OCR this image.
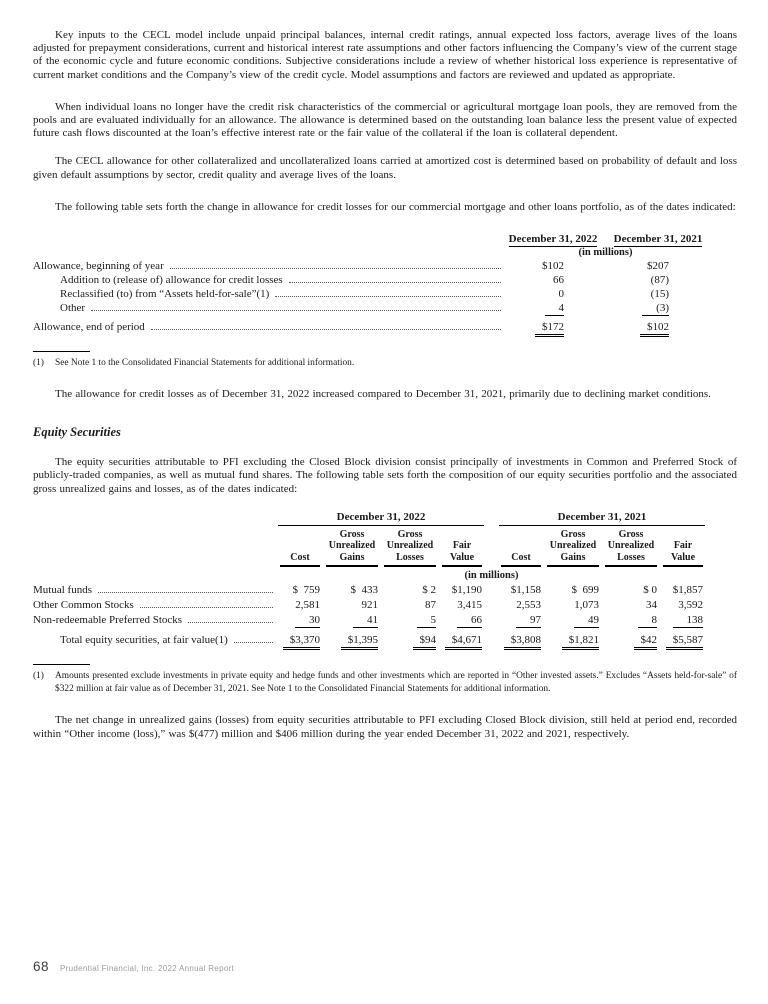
Key inputs to the CECL model include unpaid principal balances, internal credit ratings, annual expected loss factors, average lives of the loans adjusted for prepayment considerations, current and historical interest rate assumptions and other factors influencing the Company’s view of the current stage of the economic cycle and future economic conditions. Subjective considerations include a review of whether historical loss experience is representative of current market conditions and the Company’s view of the credit cycle. Model assumptions and factors are reviewed and updated as appropriate.

When individual loans no longer have the credit risk characteristics of the commercial or agricultural mortgage loan pools, they are removed from the pools and are evaluated individually for an allowance. The allowance is determined based on the outstanding loan balance less the present value of expected future cash flows discounted at the loan’s effective interest rate or the fair value of the collateral if the loan is collateral dependent.

The CECL allowance for other collateralized and uncollateralized loans carried at amortized cost is determined based on probability of default and loss given default assumptions by sector, credit quality and average lives of the loans.

The following table sets forth the change in allowance for credit losses for our commercial mortgage and other loans portfolio, as of the dates indicated:

	December 31, 2022		December 31, 2021
	(in millions)		

Allowance, beginning of year	$102		$207

Addition to (release of) allowance for credit losses	66		(87)

Reclassified (to) from “Assets held-for-sale”(1)	0		(15)

Other	4		(3)

Allowance, end of period	$172		$102
(1)	See Note 1 to the Consolidated Financial Statements for additional information.

The allowance for credit losses as of December 31, 2022 increased compared to December 31, 2021, primarily due to declining market conditions.

Equity Securities

The equity securities attributable to PFI excluding the Closed Block division consist principally of investments in Common and Preferred Stock of publicly-traded companies, as well as mutual fund shares. The following table sets forth the composition of our equity securities portfolio and the associated gross unrealized gains and losses, as of the dates indicated:

	December 31, 2022					December 31, 2021			

	Cost	Gross Unrealized Gains	Gross Unrealized Losses	Fair Value		Cost	Gross Unrealized Gains	Gross Unrealized Losses	Fair Value

	(in millions)								

Mutual funds	$  759	$  433	$ 2	$1,190		$1,158	$  699	$ 0	$1,857

Other Common Stocks	2,581	921	87	3,415		2,553	1,073	34	3,592

Non-redeemable Preferred Stocks	30	41	5	66		97	49	8	138

Total equity securities, at fair value(1)	$3,370	$1,395	$94	$4,671		$3,808	$1,821	$42	$5,587
(1)	Amounts presented exclude investments in private equity and hedge funds and other investments which are reported in “Other invested assets.” Excludes “Assets held-for-sale” of $322 million at fair value as of December 31, 2021. See Note 1 to the Consolidated Financial Statements for additional information.

The net change in unrealized gains (losses) from equity securities attributable to PFI excluding Closed Block division, still held at period end, recorded within “Other income (loss),” was $(477) million and $406 million during the year ended December 31, 2022 and 2021, respectively.

68 Prudential Financial, Inc. 2022 Annual Report
